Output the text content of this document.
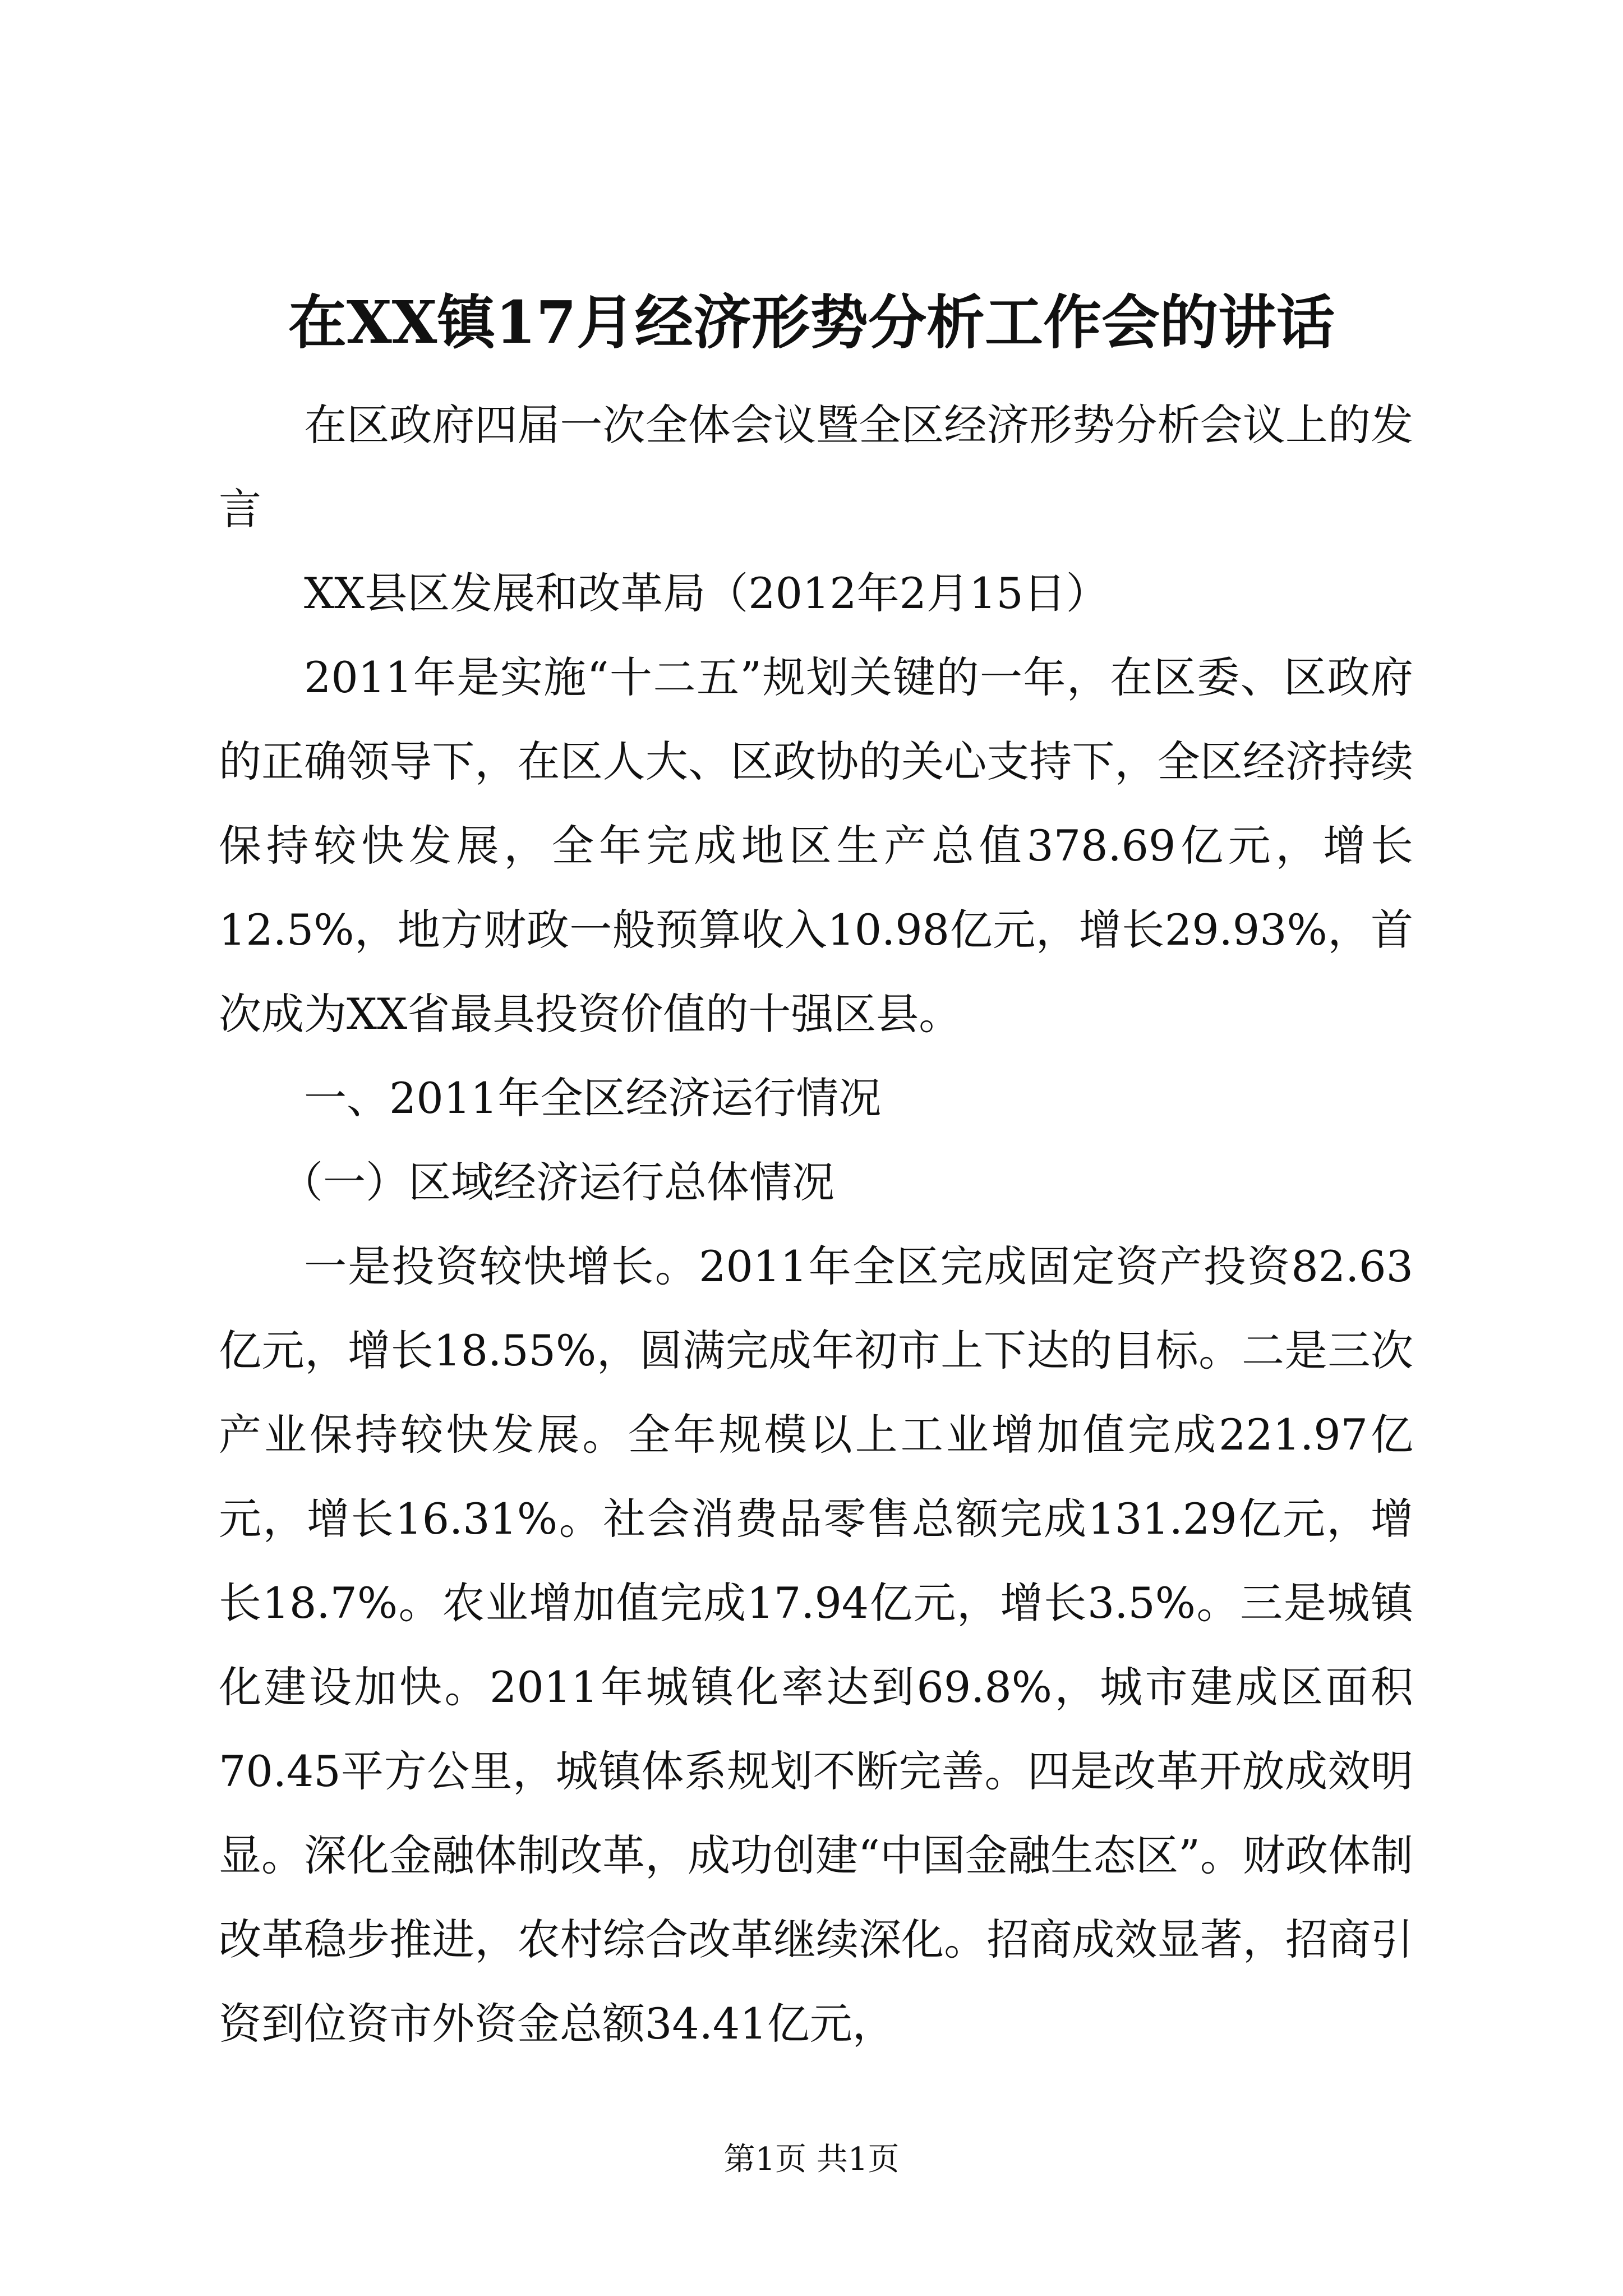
在XX镇17月经济形势分析工作会的讲话

在区政府四届一次全体会议暨全区经济形势分析会议上的发言

XX县区发展和改革局（2012年2月15日）

2011年是实施“十二五”规划关键的一年，在区委、区政府的正确领导下，在区人大、区政协的关心支持下，全区经济持续保持较快发展，全年完成地区生产总值378.69亿元，增长12.5%，地方财政一般预算收入10.98亿元，增长29.93%，首次成为XX省最具投资价值的十强区县。

一、2011年全区经济运行情况

（一）区域经济运行总体情况

一是投资较快增长。2011年全区完成固定资产投资82.63亿元，增长18.55%，圆满完成年初市上下达的目标。二是三次产业保持较快发展。全年规模以上工业增加值完成221.97亿元，增长16.31%。社会消费品零售总额完成131.29亿元，增长18.7%。农业增加值完成17.94亿元，增长3.5%。三是城镇化建设加快。2011年城镇化率达到69.8%，城市建成区面积70.45平方公里，城镇体系规划不断完善。四是改革开放成效明显。深化金融体制改革，成功创建“中国金融生态区”。财政体制改革稳步推进，农村综合改革继续深化。招商成效显著，招商引资到位资市外资金总额34.41亿元，

第1页 共1页
